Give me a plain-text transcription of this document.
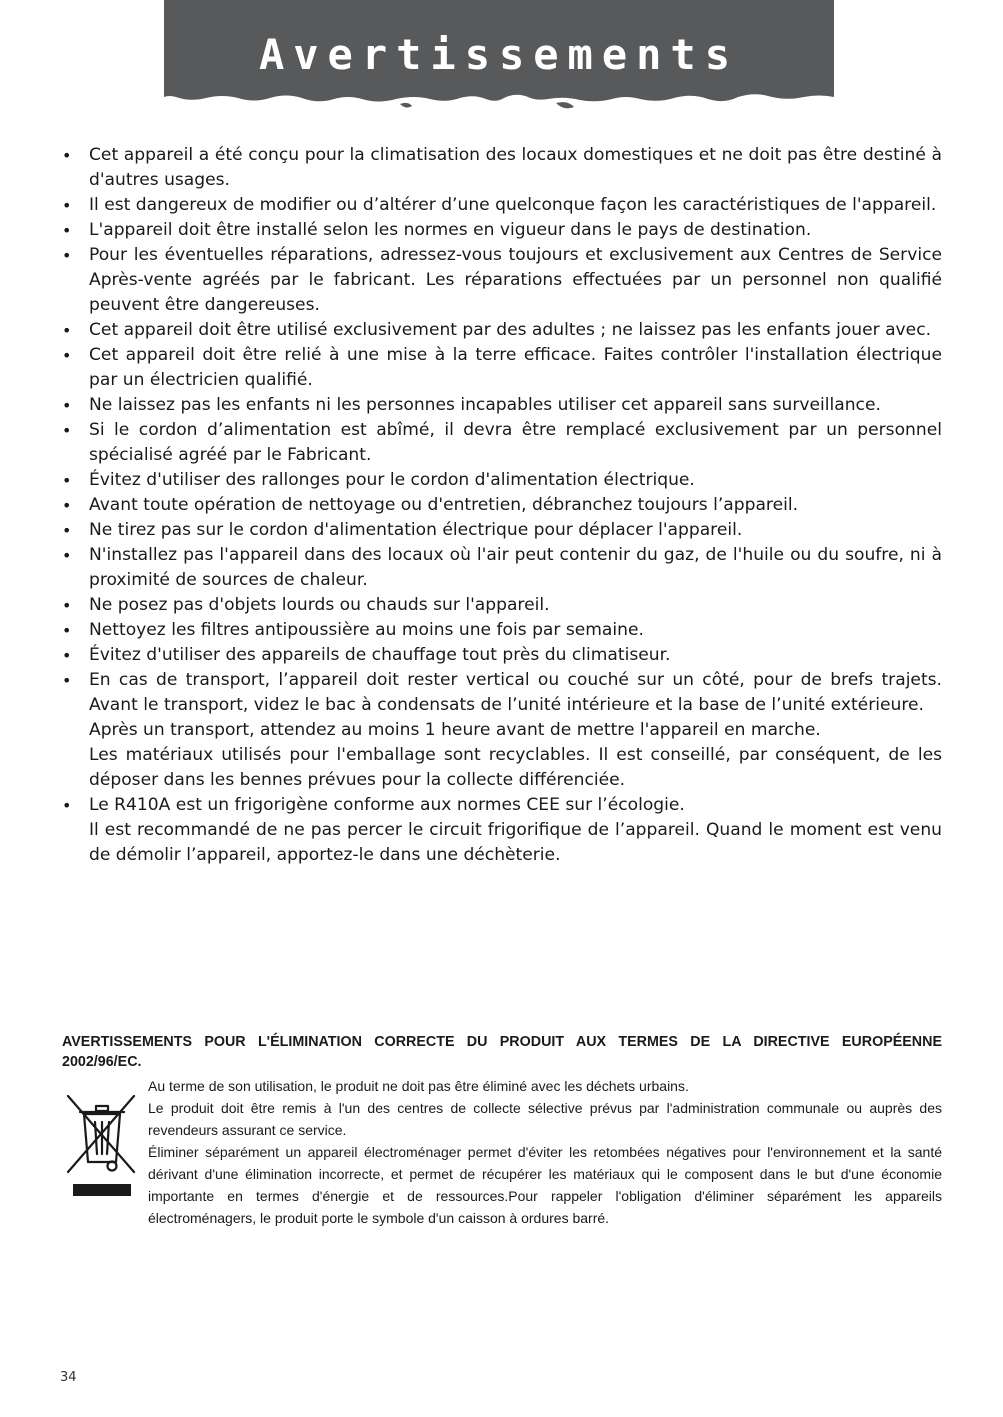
Avertissements
• Cet appareil a été conçu pour la climatisation des locaux domestiques et ne doit pas être destiné à d'autres usages.
• Il est dangereux de modifier ou d’altérer d’une quelconque façon les caractéristiques de l'appareil.
• L'appareil doit être installé selon les normes en vigueur dans le pays de destination.
• Pour les éventuelles réparations, adressez-vous toujours et exclusivement aux Centres de Service Après-vente agréés par le fabricant. Les réparations effectuées par un personnel non qualifié peuvent être dangereuses.
• Cet appareil doit être utilisé exclusivement par des adultes ; ne laissez pas les enfants jouer avec.
• Cet appareil doit être relié à une mise à la terre efficace. Faites contrôler l'installation électrique par un électricien qualifié.
• Ne laissez pas les enfants ni les personnes incapables utiliser cet appareil sans surveillance.
• Si le cordon d’alimentation est abîmé, il devra être remplacé exclusivement par un personnel spécialisé agréé par le Fabricant.
• Évitez d'utiliser des rallonges pour le cordon d'alimentation électrique.
• Avant toute opération de nettoyage ou d'entretien, débranchez toujours l’appareil.
• Ne tirez pas sur le cordon d'alimentation électrique pour déplacer l'appareil.
• N'installez pas l'appareil dans des locaux où l'air peut contenir du gaz, de l'huile ou du soufre, ni à proximité de sources de chaleur.
• Ne posez pas d'objets lourds ou chauds sur l'appareil.
• Nettoyez les filtres antipoussière au moins une fois par semaine.
• Évitez d'utiliser des appareils de chauffage tout près du climatiseur.
• En cas de transport, l’appareil doit rester vertical ou couché sur un côté, pour de brefs trajets. Avant le transport, videz le bac à condensats de l’unité intérieure et la base de l’unité extérieure.
Après un transport, attendez au moins 1 heure avant de mettre l'appareil en marche.
Les matériaux utilisés pour l'emballage sont recyclables. Il est conseillé, par conséquent, de les déposer dans les bennes prévues pour la collecte différenciée.
• Le R410A est un frigorigène conforme aux normes CEE sur l’écologie.
Il est recommandé de ne pas percer le circuit frigorifique de l’appareil. Quand le moment est venu de démolir l’appareil, apportez-le dans une déchèterie.
AVERTISSEMENTS POUR L'ÉLIMINATION CORRECTE DU PRODUIT AUX TERMES DE LA DIRECTIVE EUROPÉENNE 2002/96/EC.

Au terme de son utilisation, le produit ne doit pas être éliminé avec les déchets urbains.

Le produit doit être remis à l'un des centres de collecte sélective prévus par l'administration communale ou auprès des revendeurs assurant ce service.

Éliminer séparément un appareil électroménager permet d'éviter les retombées négatives pour l'environnement et la santé dérivant d'une élimination incorrecte, et permet de récupérer les matériaux qui le composent dans le but d'une économie importante en termes d'énergie et de ressources.Pour rappeler l'obligation d'éliminer séparément les appareils électroménagers, le produit porte le symbole d'un caisson à ordures barré.

34
